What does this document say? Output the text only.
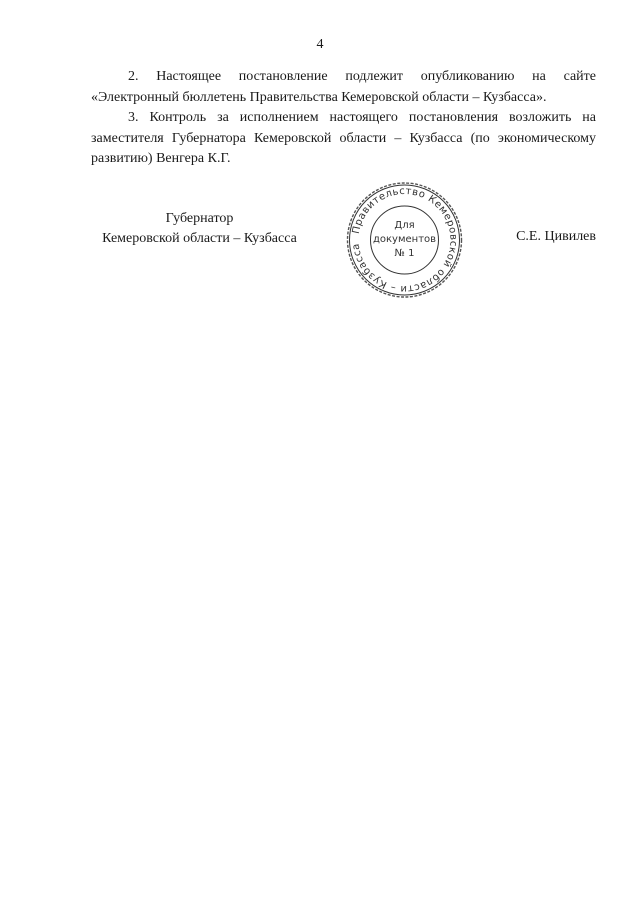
4
2. Настоящее постановление подлежит опубликованию на сайте «Электронный бюллетень Правительства Кемеровской области – Кузбасса».
3. Контроль за исполнением настоящего постановления возложить на заместителя Губернатора Кемеровской области – Кузбасса (по экономическому развитию) Венгера К.Г.
Губернатор
Кемеровской области – Кузбасса
Правительство Кемеровской области – Кузбасса
Для
документов
№ 1
С.Е. Цивилев
